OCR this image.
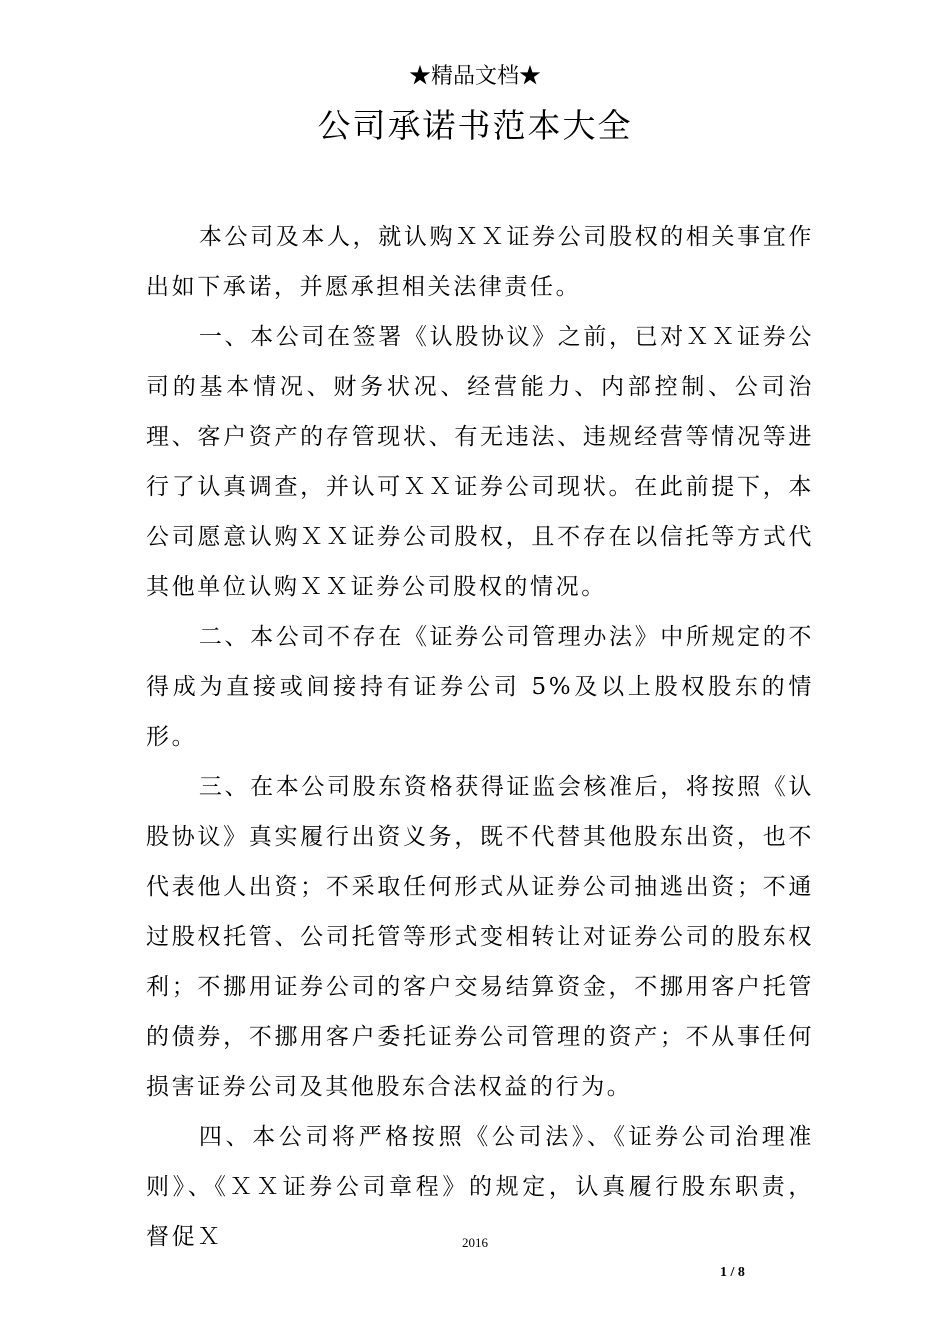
★精品文档★
公司承诺书范本大全

本公司及本人，就认购ＸＸ证券公司股权的相关事宜作出如下承诺，并愿承担相关法律责任。

一、本公司在签署《认股协议》之前，已对ＸＸ证券公司的基本情况、财务状况、经营能力、内部控制、公司治理、客户资产的存管现状、有无违法、违规经营等情况等进行了认真调查，并认可ＸＸ证券公司现状。在此前提下，本公司愿意认购ＸＸ证券公司股权，且不存在以信托等方式代其他单位认购ＸＸ证券公司股权的情况。

二、本公司不存在《证券公司管理办法》中所规定的不得成为直接或间接持有证券公司 5%及以上股权股东的情形。

三、在本公司股东资格获得证监会核准后，将按照《认股协议》真实履行出资义务，既不代替其他股东出资，也不代表他人出资；不采取任何形式从证券公司抽逃出资；不通过股权托管、公司托管等形式变相转让对证券公司的股东权利；不挪用证券公司的客户交易结算资金，不挪用客户托管的债券，不挪用客户委托证券公司管理的资产；不从事任何损害证券公司及其他股东合法权益的行为。

四、本公司将严格按照《公司法》、《证券公司治理准则》、《ＸＸ证券公司章程》的规定，认真履行股东职责，督促Ｘ	2016
1 / 8
